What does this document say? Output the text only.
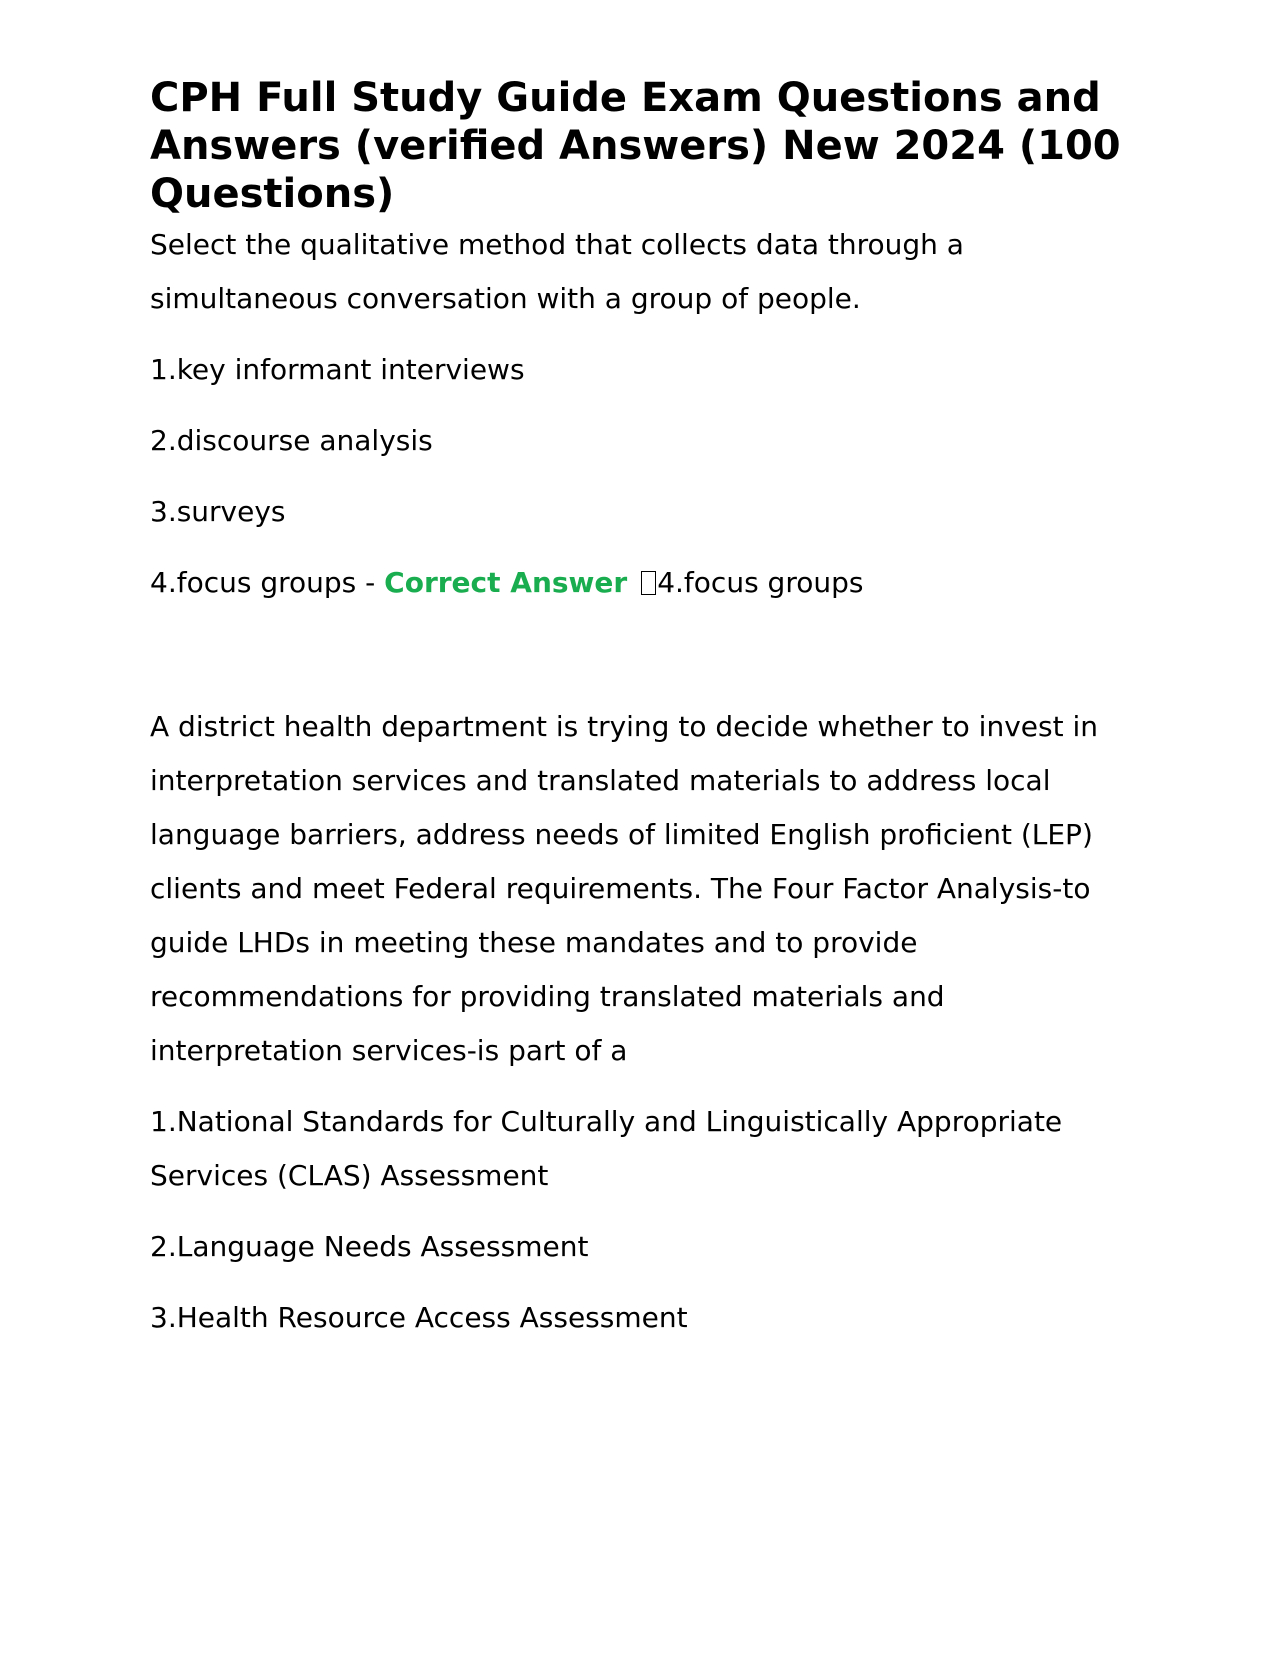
CPH Full Study Guide Exam Questions and Answers (verified Answers) New 2024 (100 Questions)

Select the qualitative method that collects data through a simultaneous conversation with a group of people.

1.key informant interviews

2.discourse analysis

3.surveys

4.focus groups - Correct Answer 4.focus groups

A district health department is trying to decide whether to invest in interpretation services and translated materials to address local language barriers, address needs of limited English proficient (LEP) clients and meet Federal requirements. The Four Factor Analysis-to guide LHDs in meeting these mandates and to provide recommendations for providing translated materials and interpretation services-is part of a

1.National Standards for Culturally and Linguistically Appropriate Services (CLAS) Assessment

2.Language Needs Assessment

3.Health Resource Access Assessment
